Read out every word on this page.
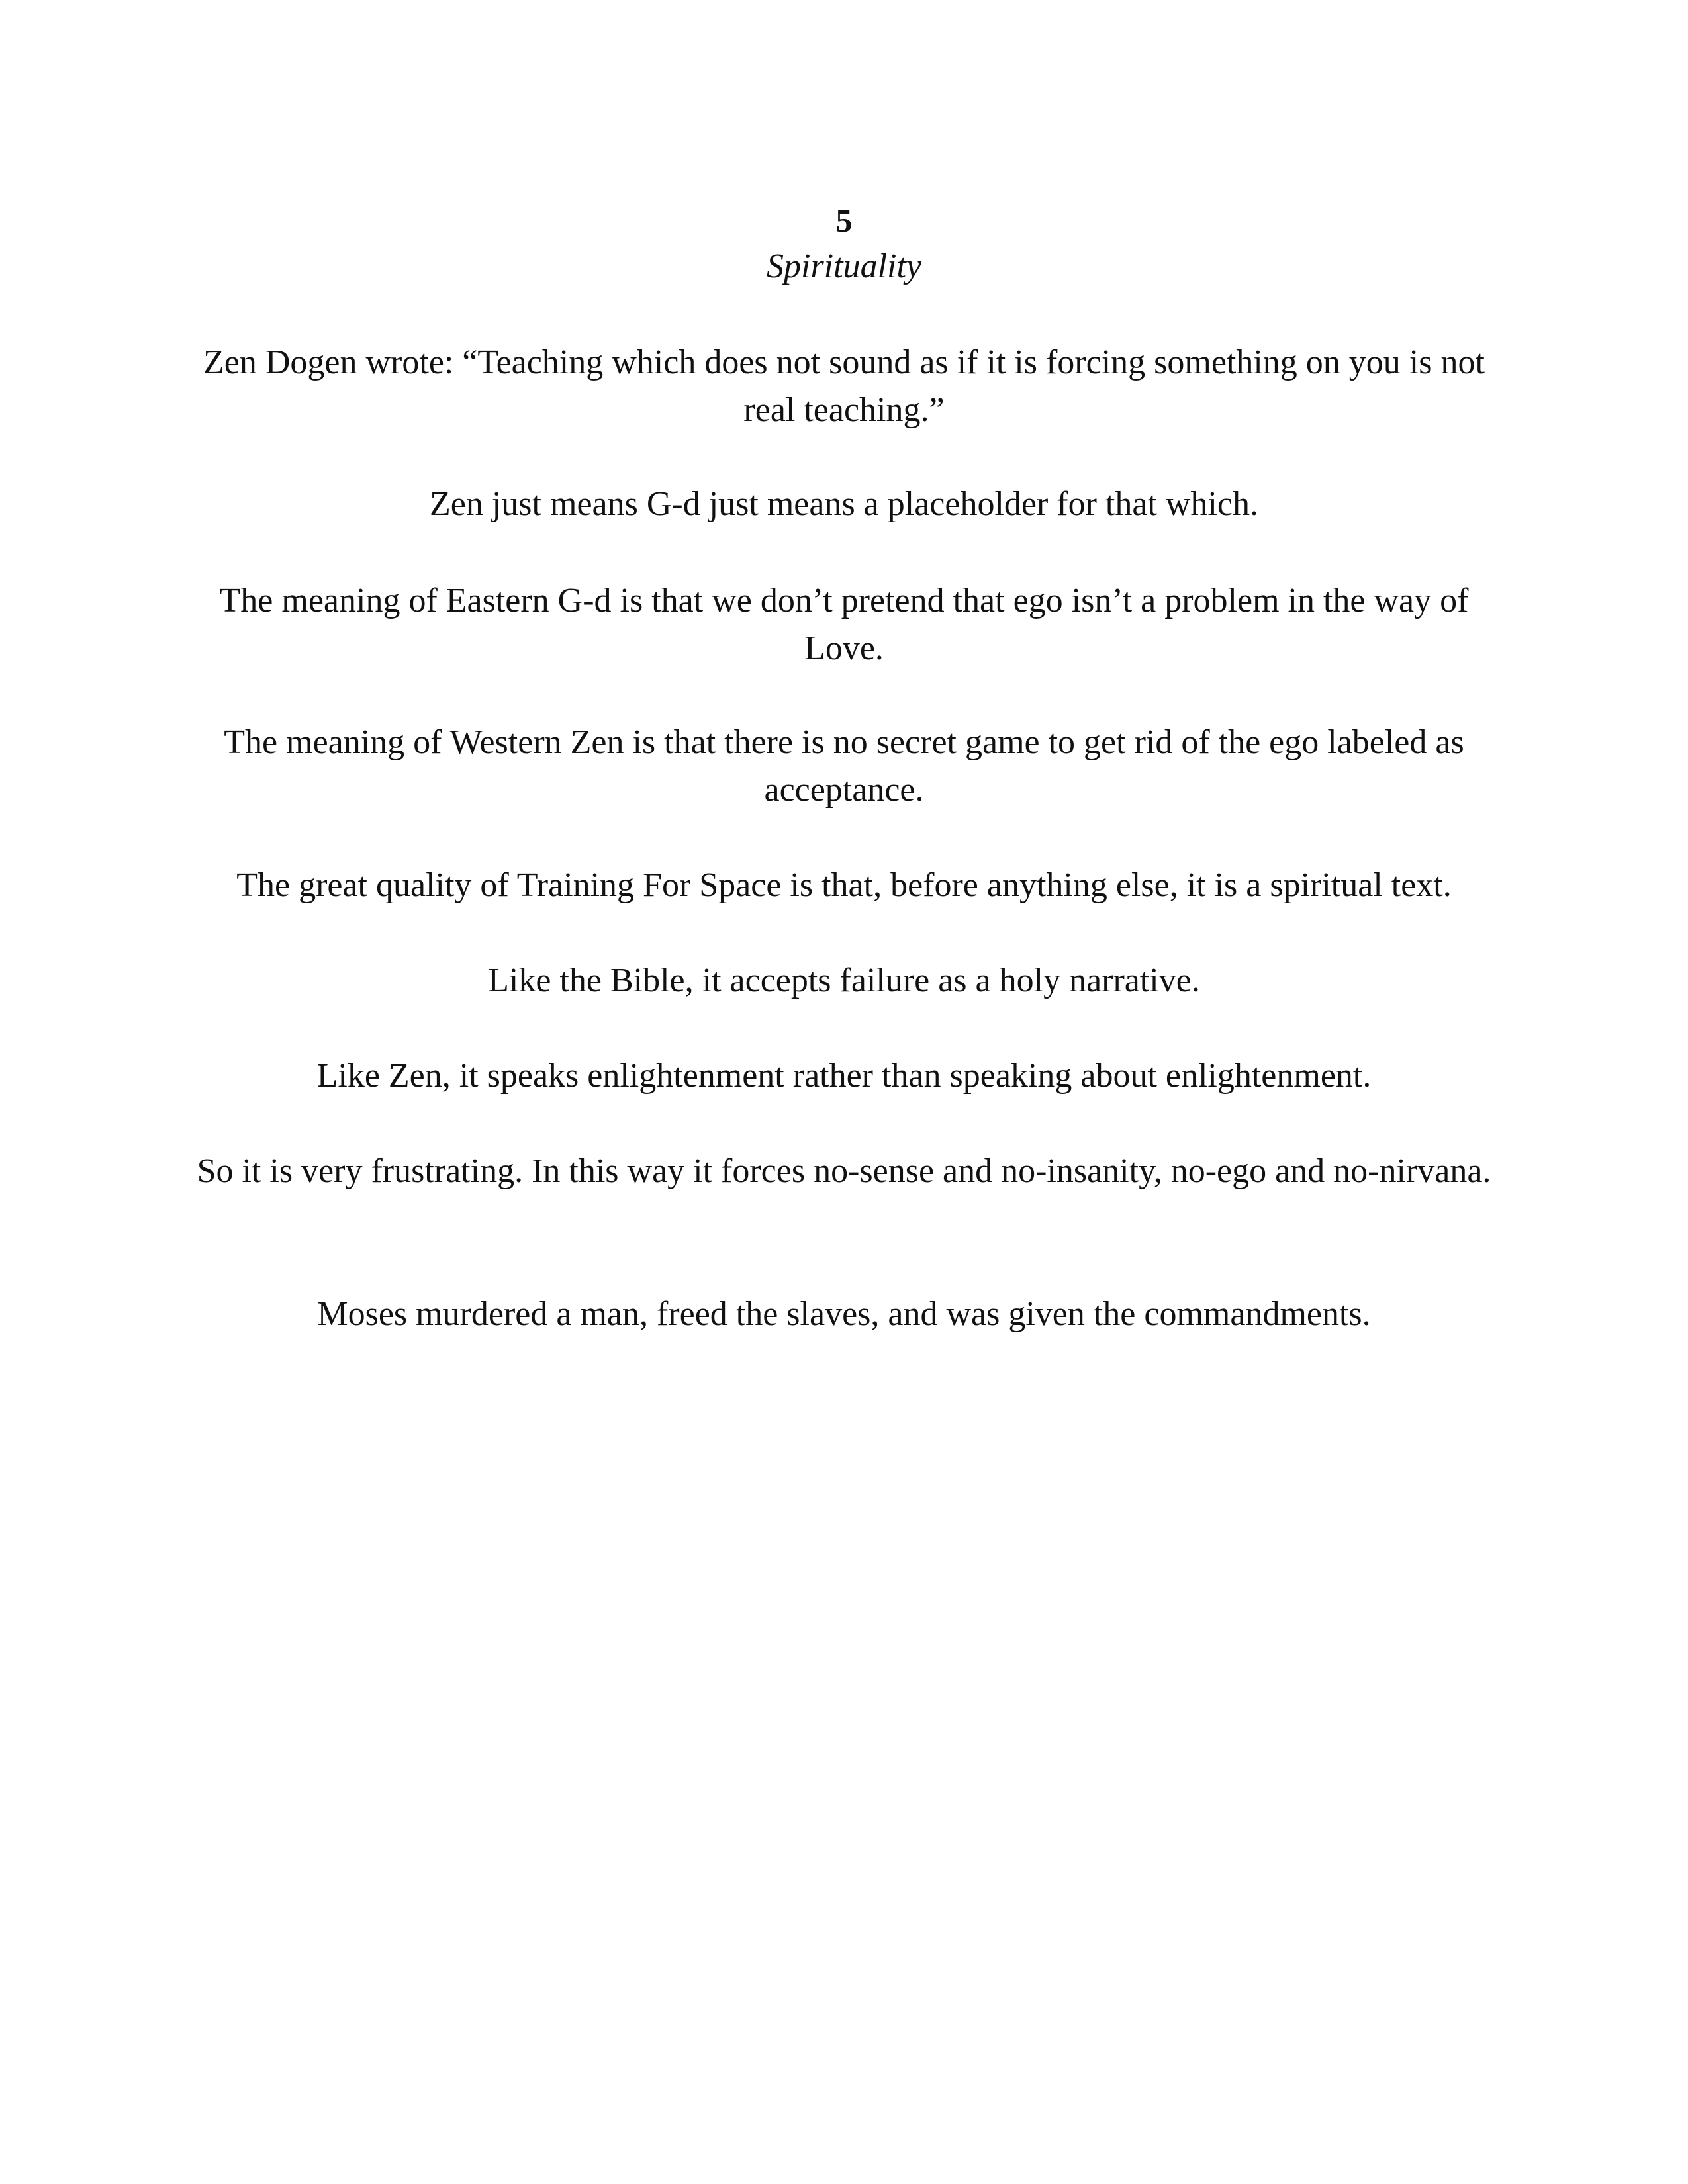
5
Spirituality

Zen Dogen wrote: “Teaching which does not sound as if it is forcing something on you is not real teaching.”

Zen just means G-d just means a placeholder for that which.

The meaning of Eastern G-d is that we don’t pretend that ego isn’t a problem in the way of Love.

The meaning of Western Zen is that there is no secret game to get rid of the ego labeled as acceptance.

The great quality of Training For Space is that, before anything else, it is a spiritual text.

Like the Bible, it accepts failure as a holy narrative.

Like Zen, it speaks enlightenment rather than speaking about enlightenment.

So it is very frustrating. In this way it forces no-sense and no-insanity, no-ego and no-nirvana.

Moses murdered a man, freed the slaves, and was given the commandments.
